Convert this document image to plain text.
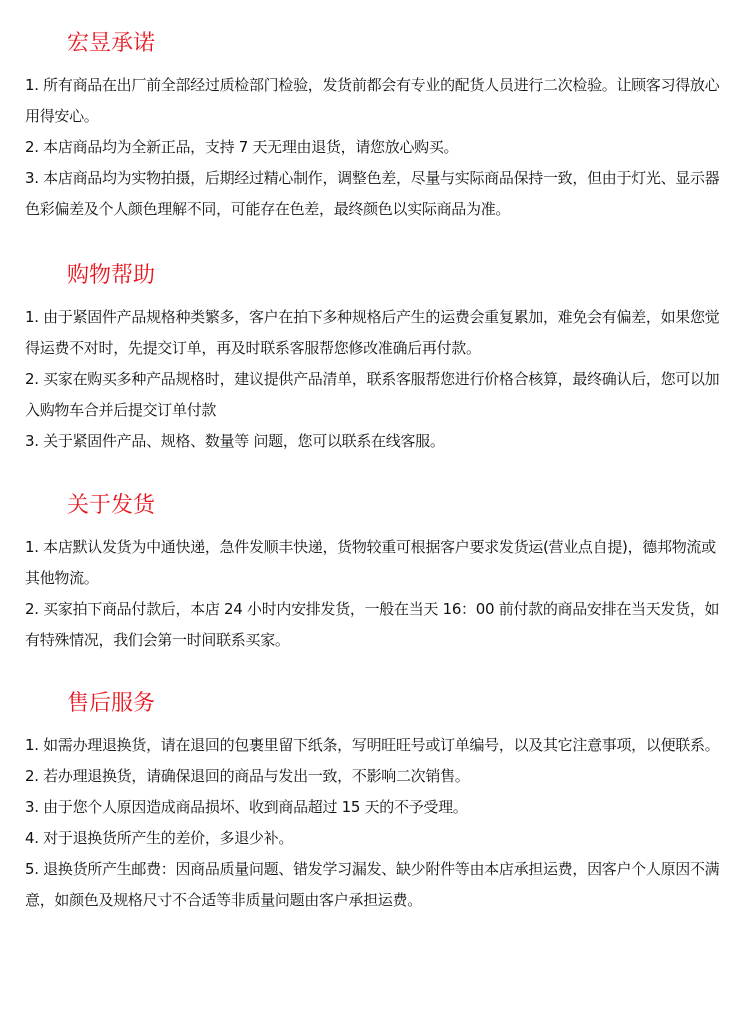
宏昱承诺
1. 所有商品在出厂前全部经过质检部门检验，发货前都会有专业的配货人员进行二次检验。让顾客习得放心用得安心。
2. 本店商品均为全新正品，支持 7 天无理由退货，请您放心购买。
3. 本店商品均为实物拍摄，后期经过精心制作，调整色差，尽量与实际商品保持一致，但由于灯光、显示器色彩偏差及个人颜色理解不同，可能存在色差，最终颜色以实际商品为准。
购物帮助
1. 由于紧固件产品规格种类繁多，客户在拍下多种规格后产生的运费会重复累加，难免会有偏差，如果您觉得运费不对时，先提交订单，再及时联系客服帮您修改准确后再付款。
2. 买家在购买多种产品规格时，建议提供产品清单，联系客服帮您进行价格合核算，最终确认后，您可以加入购物车合并后提交订单付款
3. 关于紧固件产品、规格、数量等 问题，您可以联系在线客服。
关于发货
1. 本店默认发货为中通快递，急件发顺丰快递，货物较重可根据客户要求发货运(营业点自提)，德邦物流或其他物流。
2. 买家拍下商品付款后，本店 24 小时内安排发货，一般在当天 16：00 前付款的商品安排在当天发货，如有特殊情况，我们会第一时间联系买家。
售后服务
1. 如需办理退换货，请在退回的包裹里留下纸条，写明旺旺号或订单编号，以及其它注意事项，以便联系。
2. 若办理退换货，请确保退回的商品与发出一致，不影响二次销售。
3. 由于您个人原因造成商品损坏、收到商品超过 15 天的不予受理。
4. 对于退换货所产生的差价，多退少补。
5. 退换货所产生邮费：因商品质量问题、错发学习漏发、缺少附件等由本店承担运费，因客户个人原因不满意，如颜色及规格尺寸不合适等非质量问题由客户承担运费。
